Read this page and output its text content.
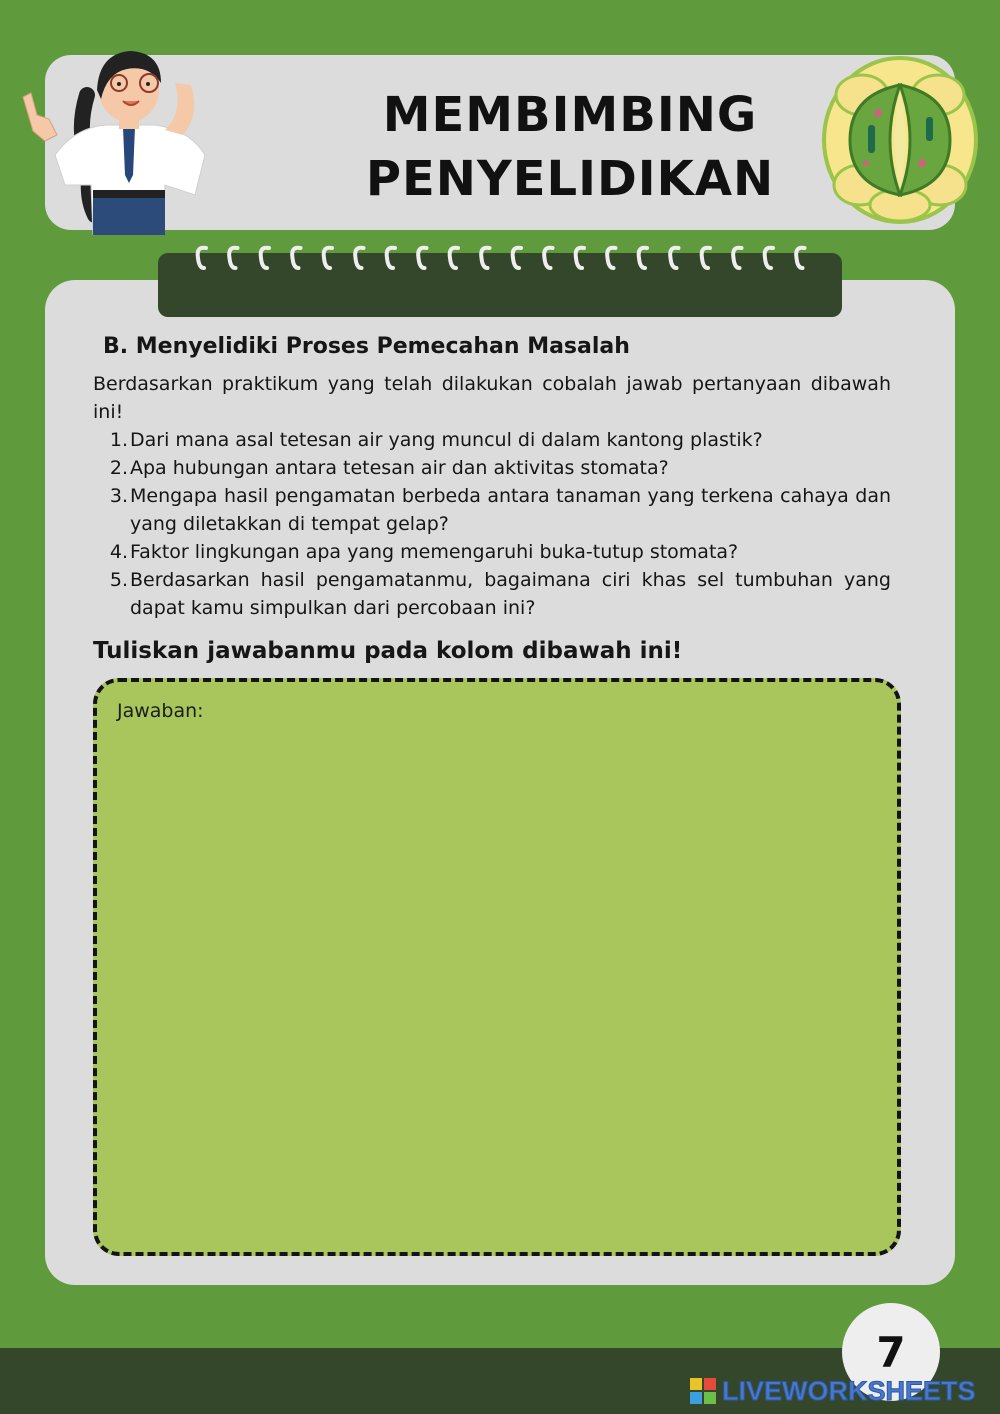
MEMBIMBING
PENYELIDIKAN
B. Menyelidiki Proses Pemecahan Masalah

Berdasarkan praktikum yang telah dilakukan cobalah jawab pertanyaan dibawah ini!

1. Dari mana asal tetesan air yang muncul di dalam kantong plastik?
2. Apa hubungan antara tetesan air dan aktivitas stomata?
3. Mengapa hasil pengamatan berbeda antara tanaman yang terkena cahaya dan yang diletakkan di tempat gelap?
4. Faktor lingkungan apa yang memengaruhi buka-tutup stomata?
5. Berdasarkan hasil pengamatanmu, bagaimana ciri khas sel tumbuhan yang dapat kamu simpulkan dari percobaan ini?

Tuliskan jawabanmu pada kolom dibawah ini!

Jawaban:
7
LIVEWORKSHEETS
